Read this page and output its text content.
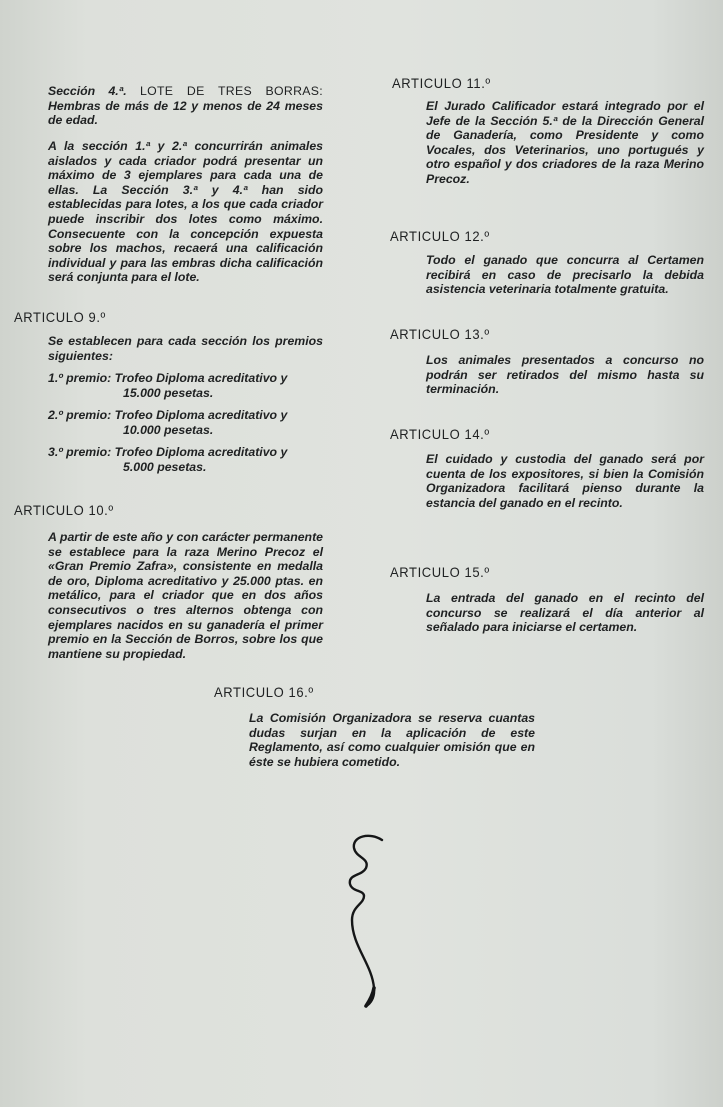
Sección 4.ª. LOTE DE TRES BORRAS: Hembras de más de 12 y menos de 24 meses de edad.

A la sección 1.ª y 2.ª concurrirán animales aislados y cada criador podrá presentar un máximo de 3 ejemplares para cada una de ellas. La Sección 3.ª y 4.ª han sido establecidas para lotes, a los que cada criador puede inscribir dos lotes como máximo. Consecuente con la concepción expuesta sobre los machos, recaerá una calificación individual y para las embras dicha calificación será conjunta para el lote.

ARTICULO 9.º

Se establecen para cada sección los premios siguientes:

1.º premio: Trofeo Diploma acreditativo y
15.000 pesetas.
2.º premio: Trofeo Diploma acreditativo y
10.000 pesetas.
3.º premio: Trofeo Diploma acreditativo y
5.000 pesetas.

ARTICULO 10.º

A partir de este año y con carácter permanente se establece para la raza Merino Precoz el «Gran Premio Zafra», consistente en medalla de oro, Diploma acreditativo y 25.000 ptas. en metálico, para el criador que en dos años consecutivos o tres alternos obtenga con ejemplares nacidos en su ganadería el primer premio en la Sección de Borros, sobre los que mantiene su propiedad.

ARTICULO 11.º

El Jurado Calificador estará integrado por el Jefe de la Sección 5.ª de la Dirección General de Ganadería, como Presidente y como Vocales, dos Veterinarios, uno portugués y otro español y dos criadores de la raza Merino Precoz.

ARTICULO 12.º

Todo el ganado que concurra al Certamen recibirá en caso de precisarlo la debida asistencia veterinaria totalmente gratuita.

ARTICULO 13.º

Los animales presentados a concurso no podrán ser retirados del mismo hasta su terminación.

ARTICULO 14.º

El cuidado y custodia del ganado será por cuenta de los expositores, si bien la Comisión Organizadora facilitará pienso durante la estancia del ganado en el recinto.

ARTICULO 15.º

La entrada del ganado en el recinto del concurso se realizará el día anterior al señalado para iniciarse el certamen.

ARTICULO 16.º

La Comisión Organizadora se reserva cuantas dudas surjan en la aplicación de este Reglamento, así como cualquier omisión que en éste se hubiera cometido.
